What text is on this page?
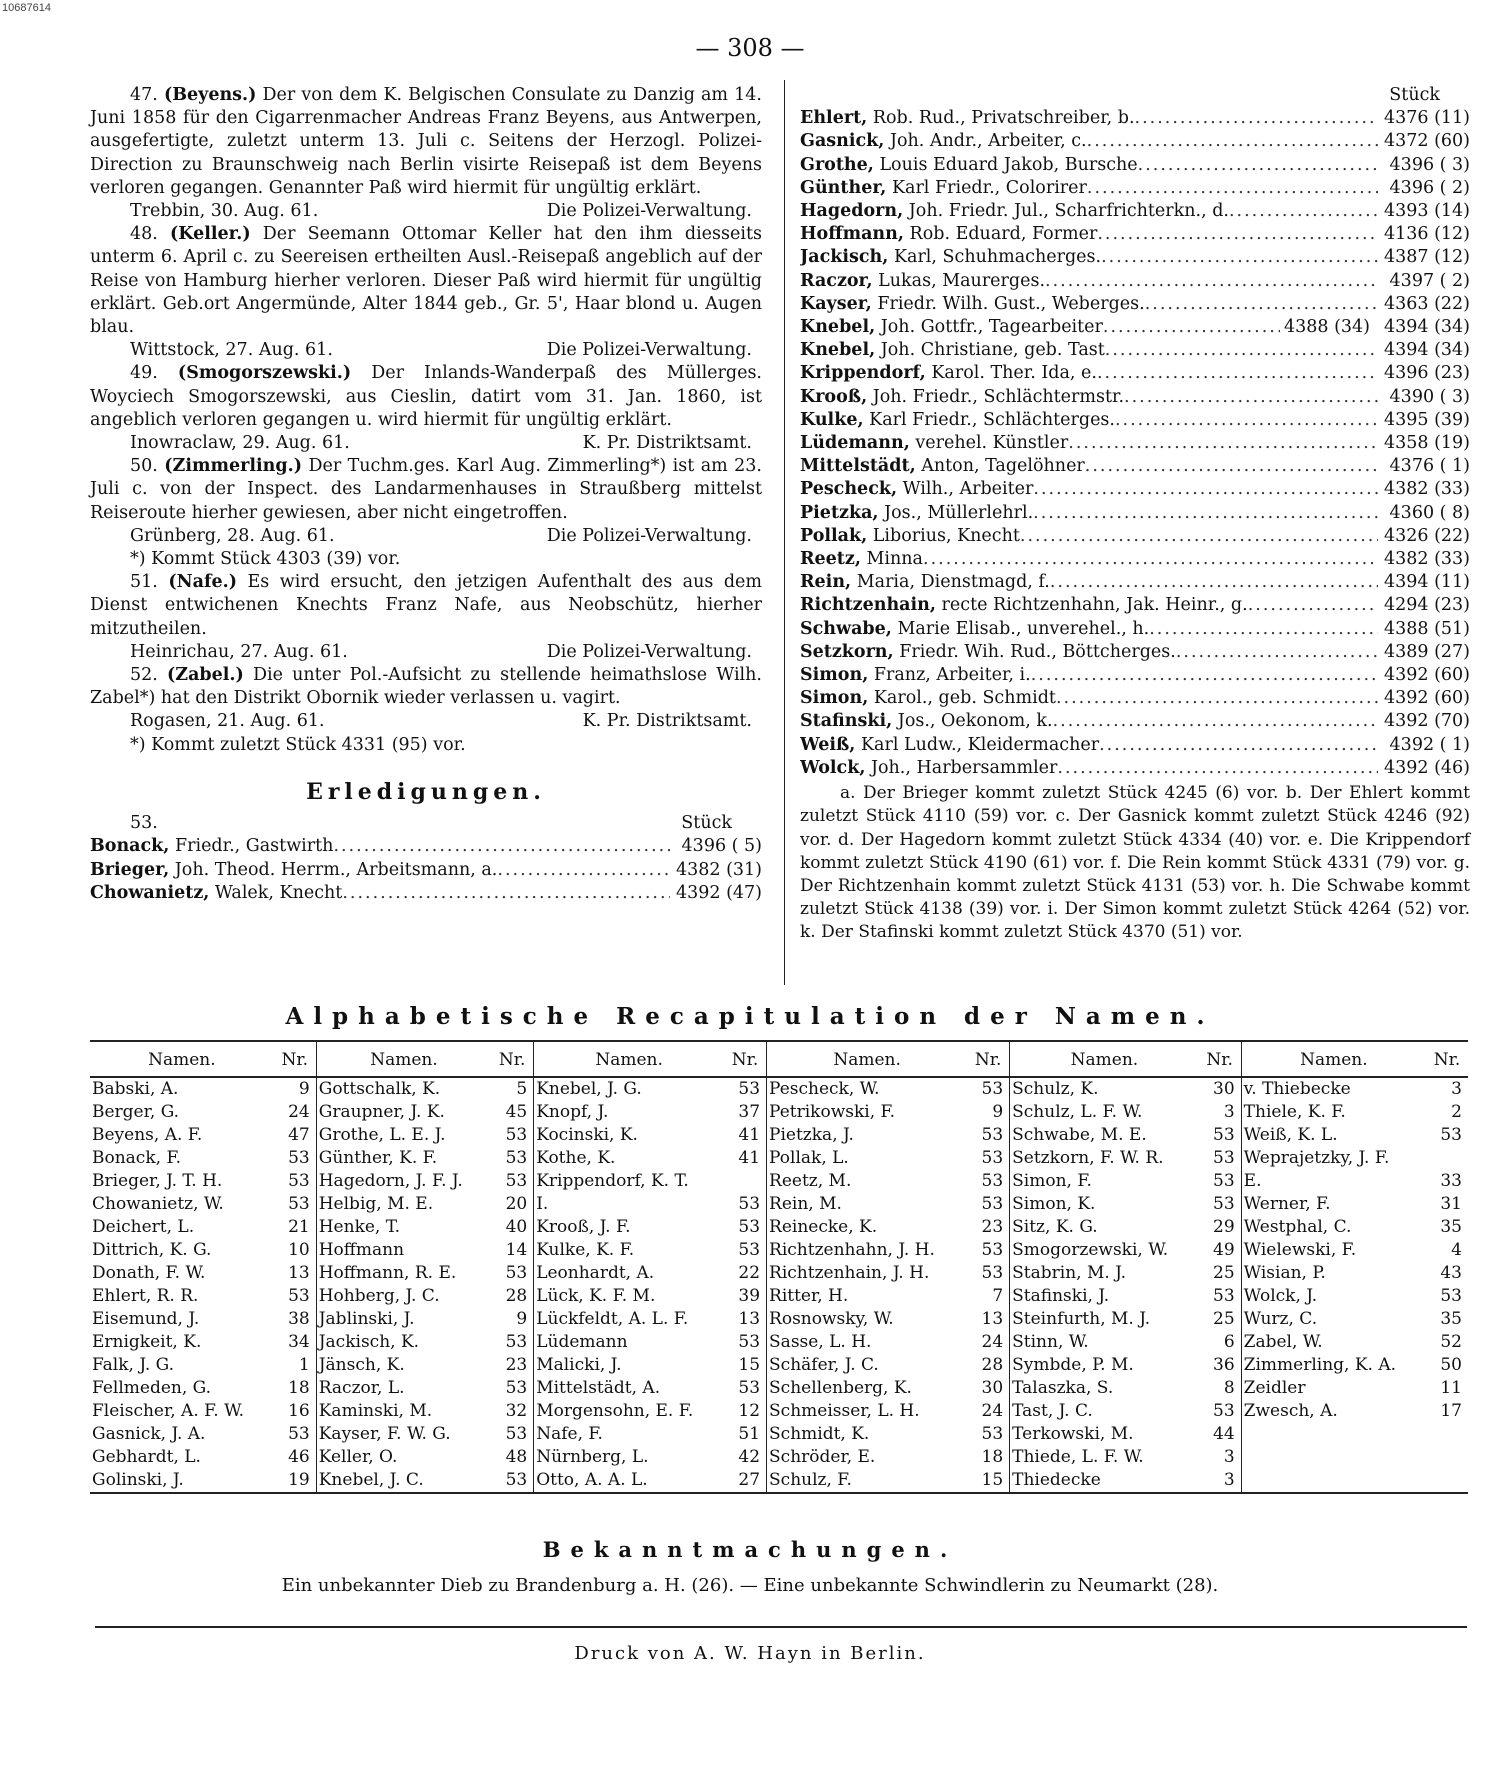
10687614
— 308 —

47. (Beyens.) Der von dem K. Belgischen Consulate zu Danzig am 14. Juni 1858 für den Cigarrenmacher Andreas Franz Beyens, aus Antwerpen, ausgefertigte, zuletzt unterm 13. Juli c. Seitens der Herzogl. Polizei-Direction zu Braunschweig nach Berlin visirte Reisepaß ist dem Beyens verloren gegangen. Genannter Paß wird hiermit für ungültig erklärt.

Trebbin, 30. Aug. 61.	Die Polizei-Verwaltung.

48. (Keller.) Der Seemann Ottomar Keller hat den ihm diesseits unterm 6. April c. zu Seereisen ertheilten Ausl.-Reisepaß angeblich auf der Reise von Hamburg hierher verloren. Dieser Paß wird hiermit für ungültig erklärt. Geb.ort Angermünde, Alter 1844 geb., Gr. 5', Haar blond u. Augen blau.

Wittstock, 27. Aug. 61.	Die Polizei-Verwaltung.

49. (Smogorszewski.) Der Inlands-Wanderpaß des Müllerges. Woyciech Smogorszewski, aus Cieslin, datirt vom 31. Jan. 1860, ist angeblich verloren gegangen u. wird hiermit für ungültig erklärt.

Inowraclaw, 29. Aug. 61.	K. Pr. Distriktsamt.

50. (Zimmerling.) Der Tuchm.ges. Karl Aug. Zimmerling*) ist am 23. Juli c. von der Inspect. des Landarmenhauses in Straußberg mittelst Reiseroute hierher gewiesen, aber nicht eingetroffen.

Grünberg, 28. Aug. 61.	Die Polizei-Verwaltung.
*) Kommt Stück 4303 (39) vor.

51. (Nafe.) Es wird ersucht, den jetzigen Aufenthalt des aus dem Dienst entwichenen Knechts Franz Nafe, aus Neobschütz, hierher mitzutheilen.

Heinrichau, 27. Aug. 61.	Die Polizei-Verwaltung.

52. (Zabel.) Die unter Pol.-Aufsicht zu stellende heimathslose Wilh. Zabel*) hat den Distrikt Obornik wieder verlassen u. vagirt.

Rogasen, 21. Aug. 61.	K. Pr. Distriktsamt.
*) Kommt zuletzt Stück 4331 (95) vor.
Erledigungen.
53.	Stück
Bonack, Friedr., Gastwirth .....	4396 ( 5)
Brieger, Joh. Theod. Herrm., Arbeitsmann, a. .....	4382 (31)
Chowanietz, Walek, Knecht .....	4392 (47)
Stück
Ehlert, Rob. Rud., Privatschreiber, b. .....	4376 (11)
Gasnick, Joh. Andr., Arbeiter, c. .....	4372 (60)
Grothe, Louis Eduard Jakob, Bursche .....	4396 ( 3)
Günther, Karl Friedr., Colorirer .....	4396 ( 2)
Hagedorn, Joh. Friedr. Jul., Scharfrichterkn., d. .....	4393 (14)
Hoffmann, Rob. Eduard, Former .....	4136 (12)
Jackisch, Karl, Schuhmacherges. .....	4387 (12)
Raczor, Lukas, Maurerges. .....	4397 ( 2)
Kayser, Friedr. Wilh. Gust., Weberges. .....	4363 (22)
Knebel, Joh. Gottfr., Tagearbeiter .....	4388 (34) 4394 (34)
Knebel, Joh. Christiane, geb. Tast .....	4394 (34)
Krippendorf, Karol. Ther. Ida, e. .....	4396 (23)
Krooß, Joh. Friedr., Schlächtermstr. .....	4390 ( 3)
Kulke, Karl Friedr., Schlächterges. .....	4395 (39)
Lüdemann, verehel. Künstler .....	4358 (19)
Mittelstädt, Anton, Tagelöhner .....	4376 ( 1)
Pescheck, Wilh., Arbeiter .....	4382 (33)
Pietzka, Jos., Müllerlehrl. .....	4360 ( 8)
Pollak, Liborius, Knecht .....	4326 (22)
Reetz, Minna .....	4382 (33)
Rein, Maria, Dienstmagd, f. .....	4394 (11)
Richtzenhain, recte Richtzenhahn, Jak. Heinr., g. .....	4294 (23)
Schwabe, Marie Elisab., unverehel., h. .....	4388 (51)
Setzkorn, Friedr. Wih. Rud., Böttcherges. .....	4389 (27)
Simon, Franz, Arbeiter, i. .....	4392 (60)
Simon, Karol., geb. Schmidt .....	4392 (60)
Stafinski, Jos., Oekonom, k. .....	4392 (70)
Weiß, Karl Ludw., Kleidermacher .....	4392 ( 1)
Wolck, Joh., Harbersammler .....	4392 (46)
a. Der Brieger kommt zuletzt Stück 4245 (6) vor. b. Der Ehlert kommt zuletzt Stück 4110 (59) vor. c. Der Gasnick kommt zuletzt Stück 4246 (92) vor. d. Der Hagedorn kommt zuletzt Stück 4334 (40) vor. e. Die Krippendorf kommt zuletzt Stück 4190 (61) vor. f. Die Rein kommt Stück 4331 (79) vor. g. Der Richtzenhain kommt zuletzt Stück 4131 (53) vor. h. Die Schwabe kommt zuletzt Stück 4138 (39) vor. i. Der Simon kommt zuletzt Stück 4264 (52) vor. k. Der Stafinski kommt zuletzt Stück 4370 (51) vor.
Alphabetische Recapitulation der Namen.
Namen.	Nr.	Namen.	Nr.	Namen.	Nr.	Namen.	Nr.	Namen.	Nr.	Namen.	Nr.
Babski, A.	9	Gottschalk, K.	5	Knebel, J. G.	53	Pescheck, W.	53	Schulz, K.	30	v. Thiebecke	3
Berger, G.	24	Graupner, J. K.	45	Knopf, J.	37	Petrikowski, F.	9	Schulz, L. F. W.	3	Thiele, K. F.	2
Beyens, A. F.	47	Grothe, L. E. J.	53	Kocinski, K.	41	Pietzka, J.	53	Schwabe, M. E.	53	Weiß, K. L.	53
Bonack, F.	53	Günther, K. F.	53	Kothe, K.	41	Pollak, L.	53	Setzkorn, F. W. R.	53	Weprajetzky, J. F.	
Brieger, J. T. H.	53	Hagedorn, J. F. J.	53	Krippendorf, K. T.		Reetz, M.	53	Simon, F.	53	E.	33
Chowanietz, W.	53	Helbig, M. E.	20	I.	53	Rein, M.	53	Simon, K.	53	Werner, F.	31
Deichert, L.	21	Henke, T.	40	Krooß, J. F.	53	Reinecke, K.	23	Sitz, K. G.	29	Westphal, C.	35
Dittrich, K. G.	10	Hoffmann	14	Kulke, K. F.	53	Richtzenhahn, J. H.	53	Smogorzewski, W.	49	Wielewski, F.	4
Donath, F. W.	13	Hoffmann, R. E.	53	Leonhardt, A.	22	Richtzenhain, J. H.	53	Stabrin, M. J.	25	Wisian, P.	43
Ehlert, R. R.	53	Hohberg, J. C.	28	Lück, K. F. M.	39	Ritter, H.	7	Stafinski, J.	53	Wolck, J.	53
Eisemund, J.	38	Jablinski, J.	9	Lückfeldt, A. L. F.	13	Rosnowsky, W.	13	Steinfurth, M. J.	25	Wurz, C.	35
Ernigkeit, K.	34	Jackisch, K.	53	Lüdemann	53	Sasse, L. H.	24	Stinn, W.	6	Zabel, W.	52
Falk, J. G.	1	Jänsch, K.	23	Malicki, J.	15	Schäfer, J. C.	28	Symbde, P. M.	36	Zimmerling, K. A.	50
Fellmeden, G.	18	Raczor, L.	53	Mittelstädt, A.	53	Schellenberg, K.	30	Talaszka, S.	8	Zeidler	11
Fleischer, A. F. W.	16	Kaminski, M.	32	Morgensohn, E. F.	12	Schmeisser, L. H.	24	Tast, J. C.	53	Zwesch, A.	17
Gasnick, J. A.	53	Kayser, F. W. G.	53	Nafe, F.	51	Schmidt, K.	53	Terkowski, M.	44		
Gebhardt, L.	46	Keller, O.	48	Nürnberg, L.	42	Schröder, E.	18	Thiede, L. F. W.	3		
Golinski, J.	19	Knebel, J. C.	53	Otto, A. A. L.	27	Schulz, F.	15	Thiedecke	3		
Bekanntmachungen.
Ein unbekannter Dieb zu Brandenburg a. H. (26). — Eine unbekannte Schwindlerin zu Neumarkt (28).
Druck von A. W. Hayn in Berlin.
